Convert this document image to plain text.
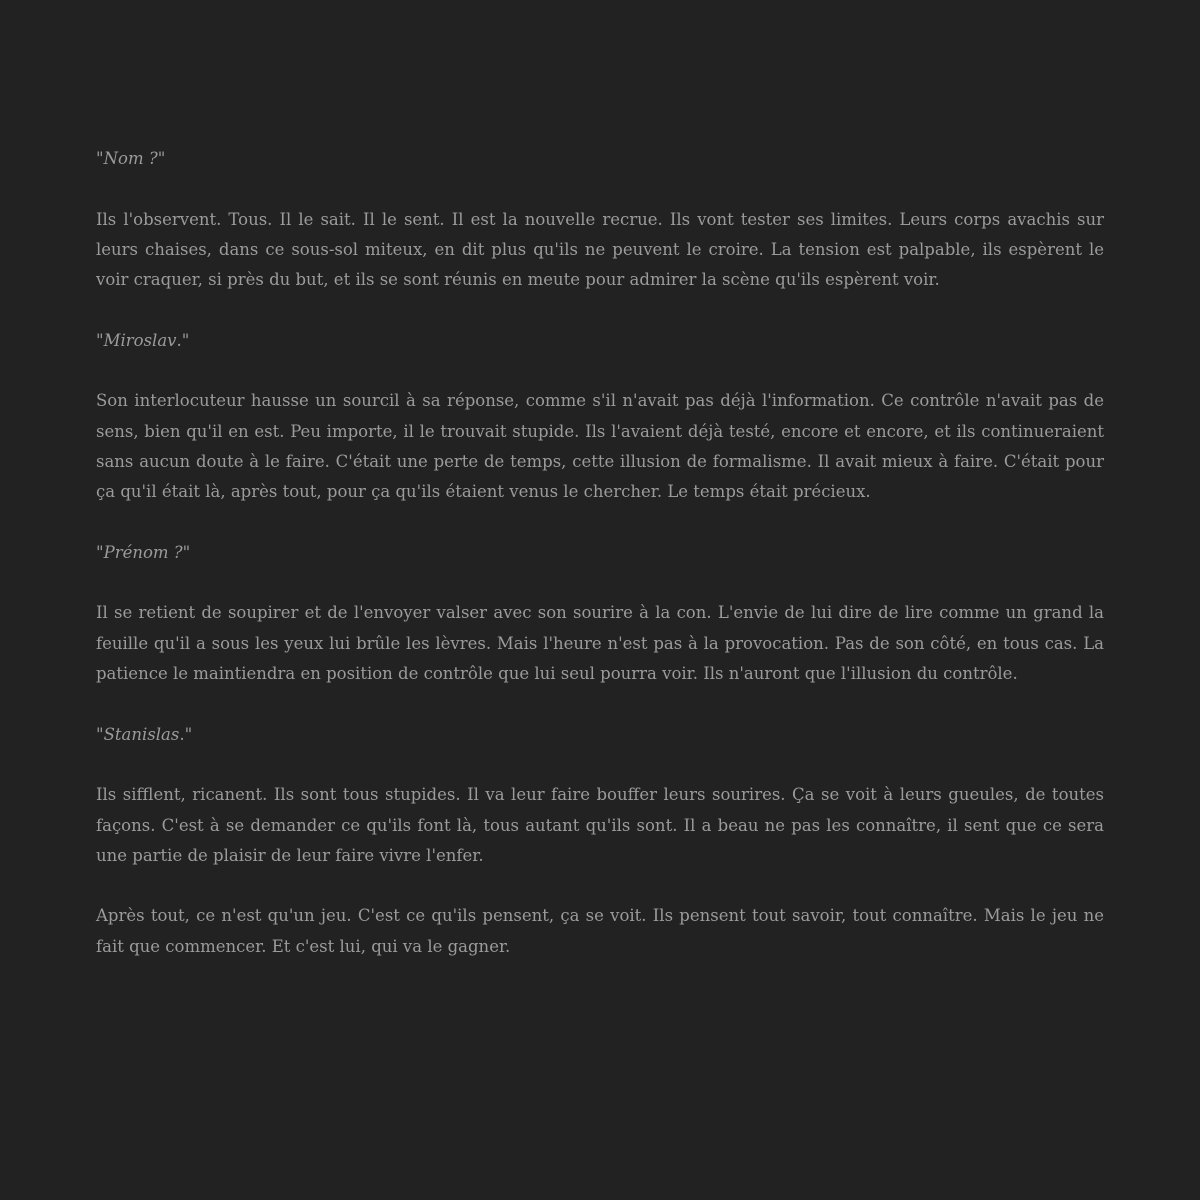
"Nom ?"

Ils l'observent. Tous. Il le sait. Il le sent. Il est la nouvelle recrue. Ils vont tester ses limites. Leurs corps avachis sur leurs chaises, dans ce sous-sol miteux, en dit plus qu'ils ne peuvent le croire. La tension est palpable, ils espèrent le voir craquer, si près du but, et ils se sont réunis en meute pour admirer la scène qu'ils espèrent voir.

"Miroslav."

Son interlocuteur hausse un sourcil à sa réponse, comme s'il n'avait pas déjà l'information. Ce contrôle n'avait pas de sens, bien qu'il en est. Peu importe, il le trouvait stupide. Ils l'avaient déjà testé, encore et encore, et ils continueraient sans aucun doute à le faire. C'était une perte de temps, cette illusion de formalisme. Il avait mieux à faire. C'était pour ça qu'il était là, après tout, pour ça qu'ils étaient venus le chercher. Le temps était précieux.

"Prénom ?"

Il se retient de soupirer et de l'envoyer valser avec son sourire à la con. L'envie de lui dire de lire comme un grand la feuille qu'il a sous les yeux lui brûle les lèvres. Mais l'heure n'est pas à la provocation. Pas de son côté, en tous cas. La patience le maintiendra en position de contrôle que lui seul pourra voir. Ils n'auront que l'illusion du contrôle.

"Stanislas."

Ils sifflent, ricanent. Ils sont tous stupides. Il va leur faire bouffer leurs sourires. Ça se voit à leurs gueules, de toutes façons. C'est à se demander ce qu'ils font là, tous autant qu'ils sont. Il a beau ne pas les connaître, il sent que ce sera une partie de plaisir de leur faire vivre l'enfer.

Après tout, ce n'est qu'un jeu. C'est ce qu'ils pensent, ça se voit. Ils pensent tout savoir, tout connaître. Mais le jeu ne fait que commencer. Et c'est lui, qui va le gagner.
